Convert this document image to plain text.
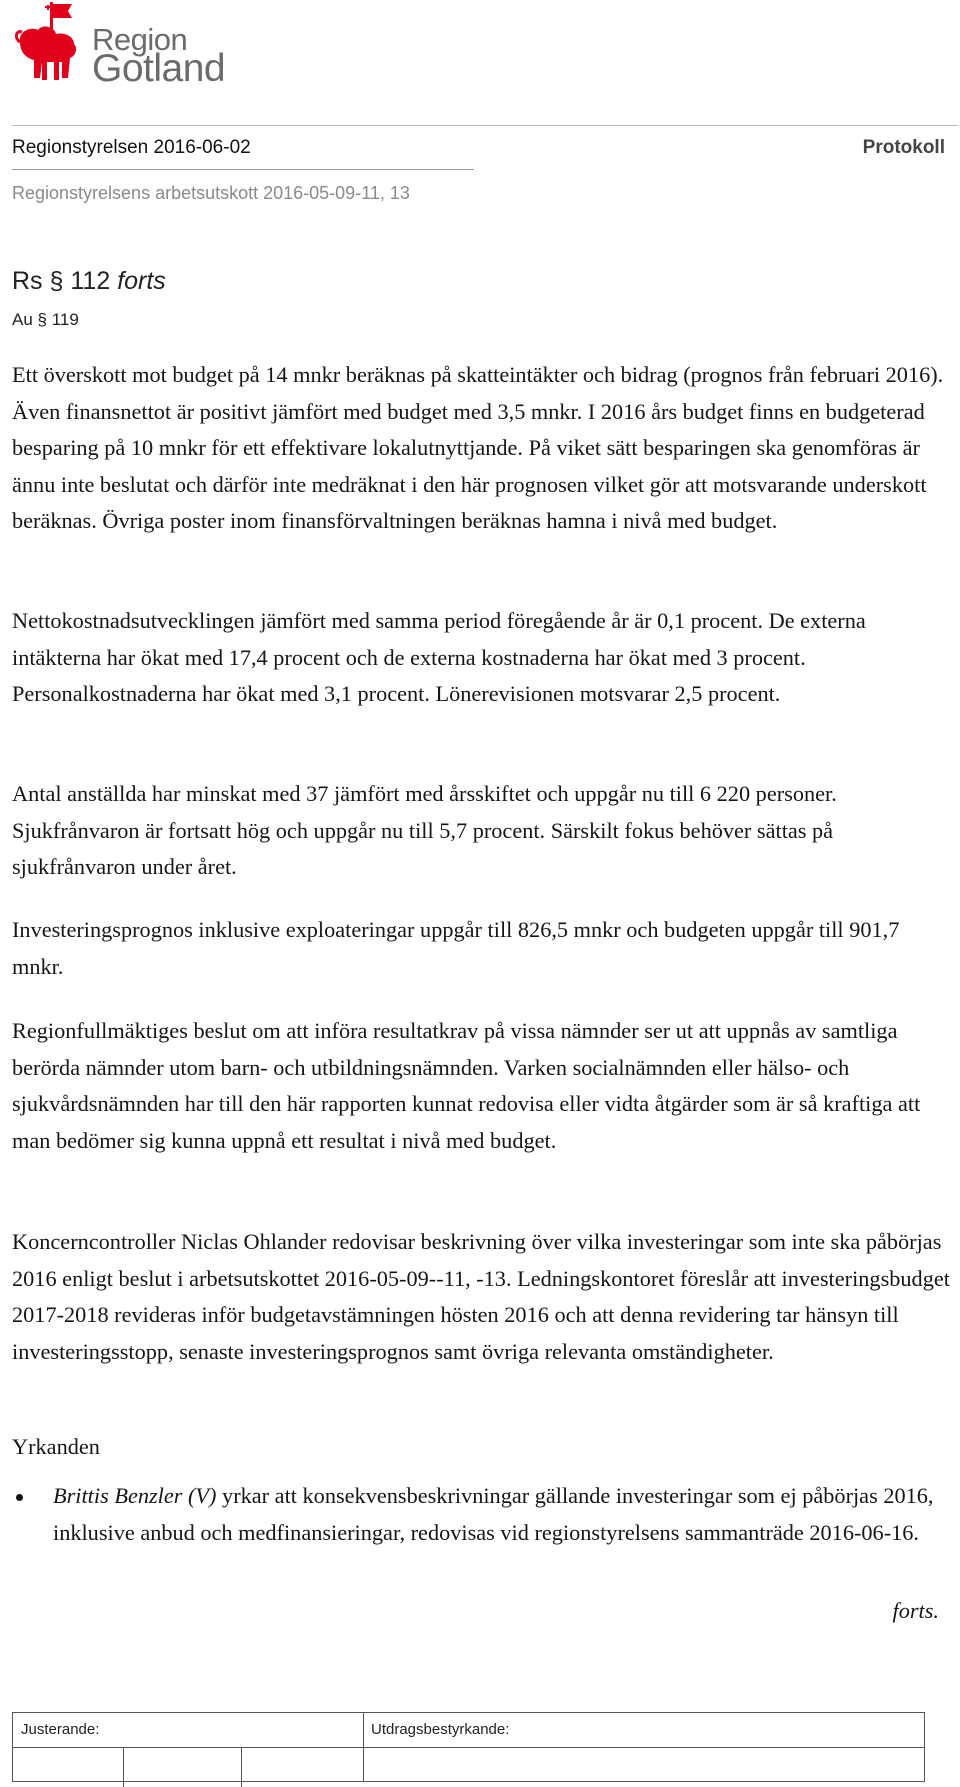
Region
Gotland
Regionstyrelsen 2016-06-02	Protokoll
Regionstyrelsens arbetsutskott 2016-05-09-11, 13
Rs § 112 forts
Au § 119

Ett överskott mot budget på 14 mnkr beräknas på skatteintäkter och bidrag (prognos från februari 2016). Även finansnettot är positivt jämfört med budget med 3,5 mnkr. I 2016 års budget finns en budgeterad besparing på 10 mnkr för ett effektivare lokalutnyttjande. På viket sätt besparingen ska genomföras är ännu inte beslutat och därför inte medräknat i den här prognosen vilket gör att motsvarande underskott beräknas. Övriga poster inom finansförvaltningen beräknas hamna i nivå med budget.

Nettokostnadsutvecklingen jämfört med samma period föregående år är 0,1 procent. De externa intäkterna har ökat med 17,4 procent och de externa kostnaderna har ökat med 3 procent. Personalkostnaderna har ökat med 3,1 procent. Lönerevisionen motsvarar 2,5 procent.

Antal anställda har minskat med 37 jämfört med årsskiftet och uppgår nu till 6 220 personer. Sjukfrånvaron är fortsatt hög och uppgår nu till 5,7 procent. Särskilt fokus behöver sättas på sjukfrånvaron under året.

Investeringsprognos inklusive exploateringar uppgår till 826,5 mnkr och budgeten uppgår till 901,7 mnkr.

Regionfullmäktiges beslut om att införa resultatkrav på vissa nämnder ser ut att uppnås av samtliga berörda nämnder utom barn- och utbildningsnämnden. Varken socialnämnden eller hälso- och sjukvårdsnämnden har till den här rapporten kunnat redovisa eller vidta åtgärder som är så kraftiga att man bedömer sig kunna uppnå ett resultat i nivå med budget.

Koncerncontroller Niclas Ohlander redovisar beskrivning över vilka investeringar som inte ska påbörjas 2016 enligt beslut i arbetsutskottet 2016-05-09--11, -13. Ledningskontoret föreslår att investeringsbudget 2017-2018 revideras inför budgetavstämningen hösten 2016 och att denna revidering tar hänsyn till investeringsstopp, senaste investeringsprognos samt övriga relevanta omständigheter.

Yrkanden
Brittis Benzler (V) yrkar att konsekvensbeskrivningar gällande investeringar som ej påbörjas 2016, inklusive anbud och medfinansieringar, redovisas vid regionstyrelsens sammanträde 2016-06-16.
forts.
Justerande:	Utdragsbestyrkande:
